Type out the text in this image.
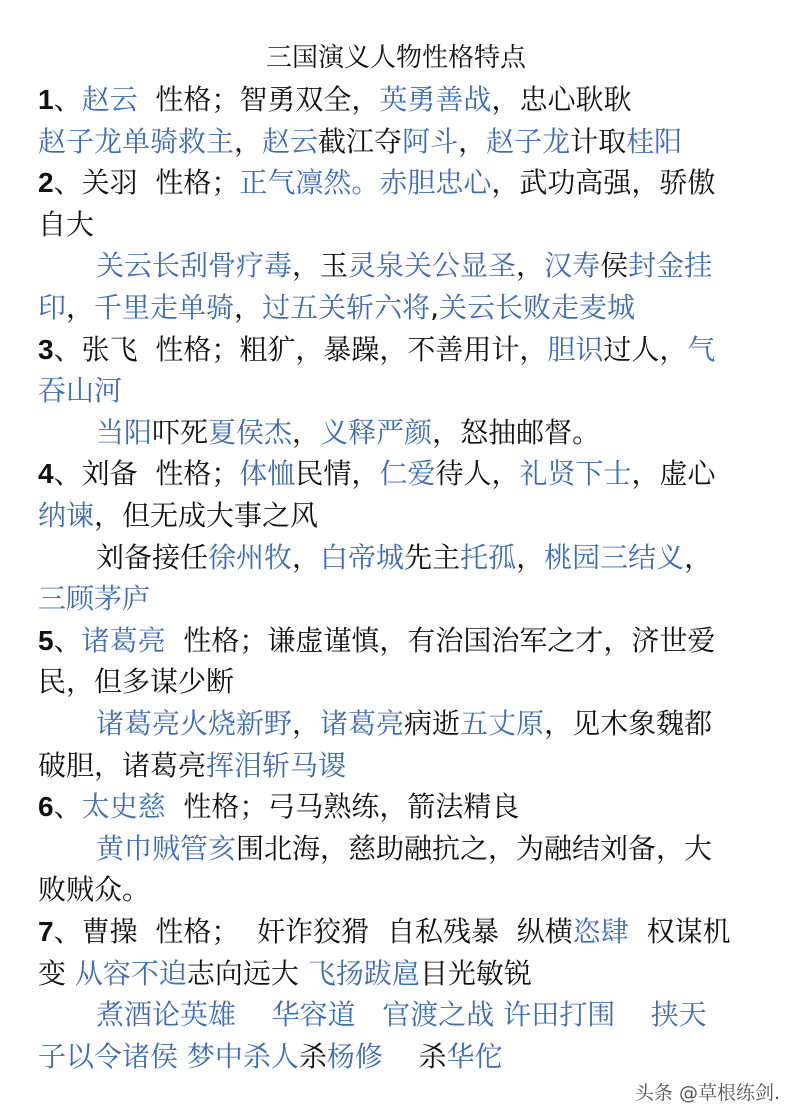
三国演义人物性格特点
1、赵云  性格；智勇双全，英勇善战，忠心耿耿
赵子龙单骑救主，赵云截江夺阿斗，赵子龙计取桂阳
2、关羽  性格；正气凛然。赤胆忠心，武功高强，骄傲
自大
关云长刮骨疗毒，玉灵泉关公显圣，汉寿侯封金挂
印，千里走单骑，过五关斩六将,关云长败走麦城
3、张飞  性格；粗犷，暴躁，不善用计，胆识过人，气
吞山河
当阳吓死夏侯杰，义释严颜，怒抽邮督。
4、刘备  性格；体恤民情，仁爱待人，礼贤下士，虚心
纳谏，但无成大事之风
刘备接任徐州牧，白帝城先主托孤，桃园三结义，
三顾茅庐
5、诸葛亮  性格；谦虚谨慎，有治国治军之才，济世爱
民，但多谋少断
诸葛亮火烧新野，诸葛亮病逝五丈原，见木象魏都
破胆，诸葛亮挥泪斩马谡
6、太史慈  性格；弓马熟练，箭法精良
黄巾贼管亥围北海，慈助融抗之，为融结刘备，大
败贼众。
7、曹操  性格；  奸诈狡猾  自私残暴  纵横恣肆  权谋机
变 从容不迫志向远大 飞扬跋扈目光敏锐
煮酒论英雄    华容道   官渡之战 许田打围    挟天
子以令诸侯 梦中杀人杀杨修    杀华佗
头条 @草根练剑.
